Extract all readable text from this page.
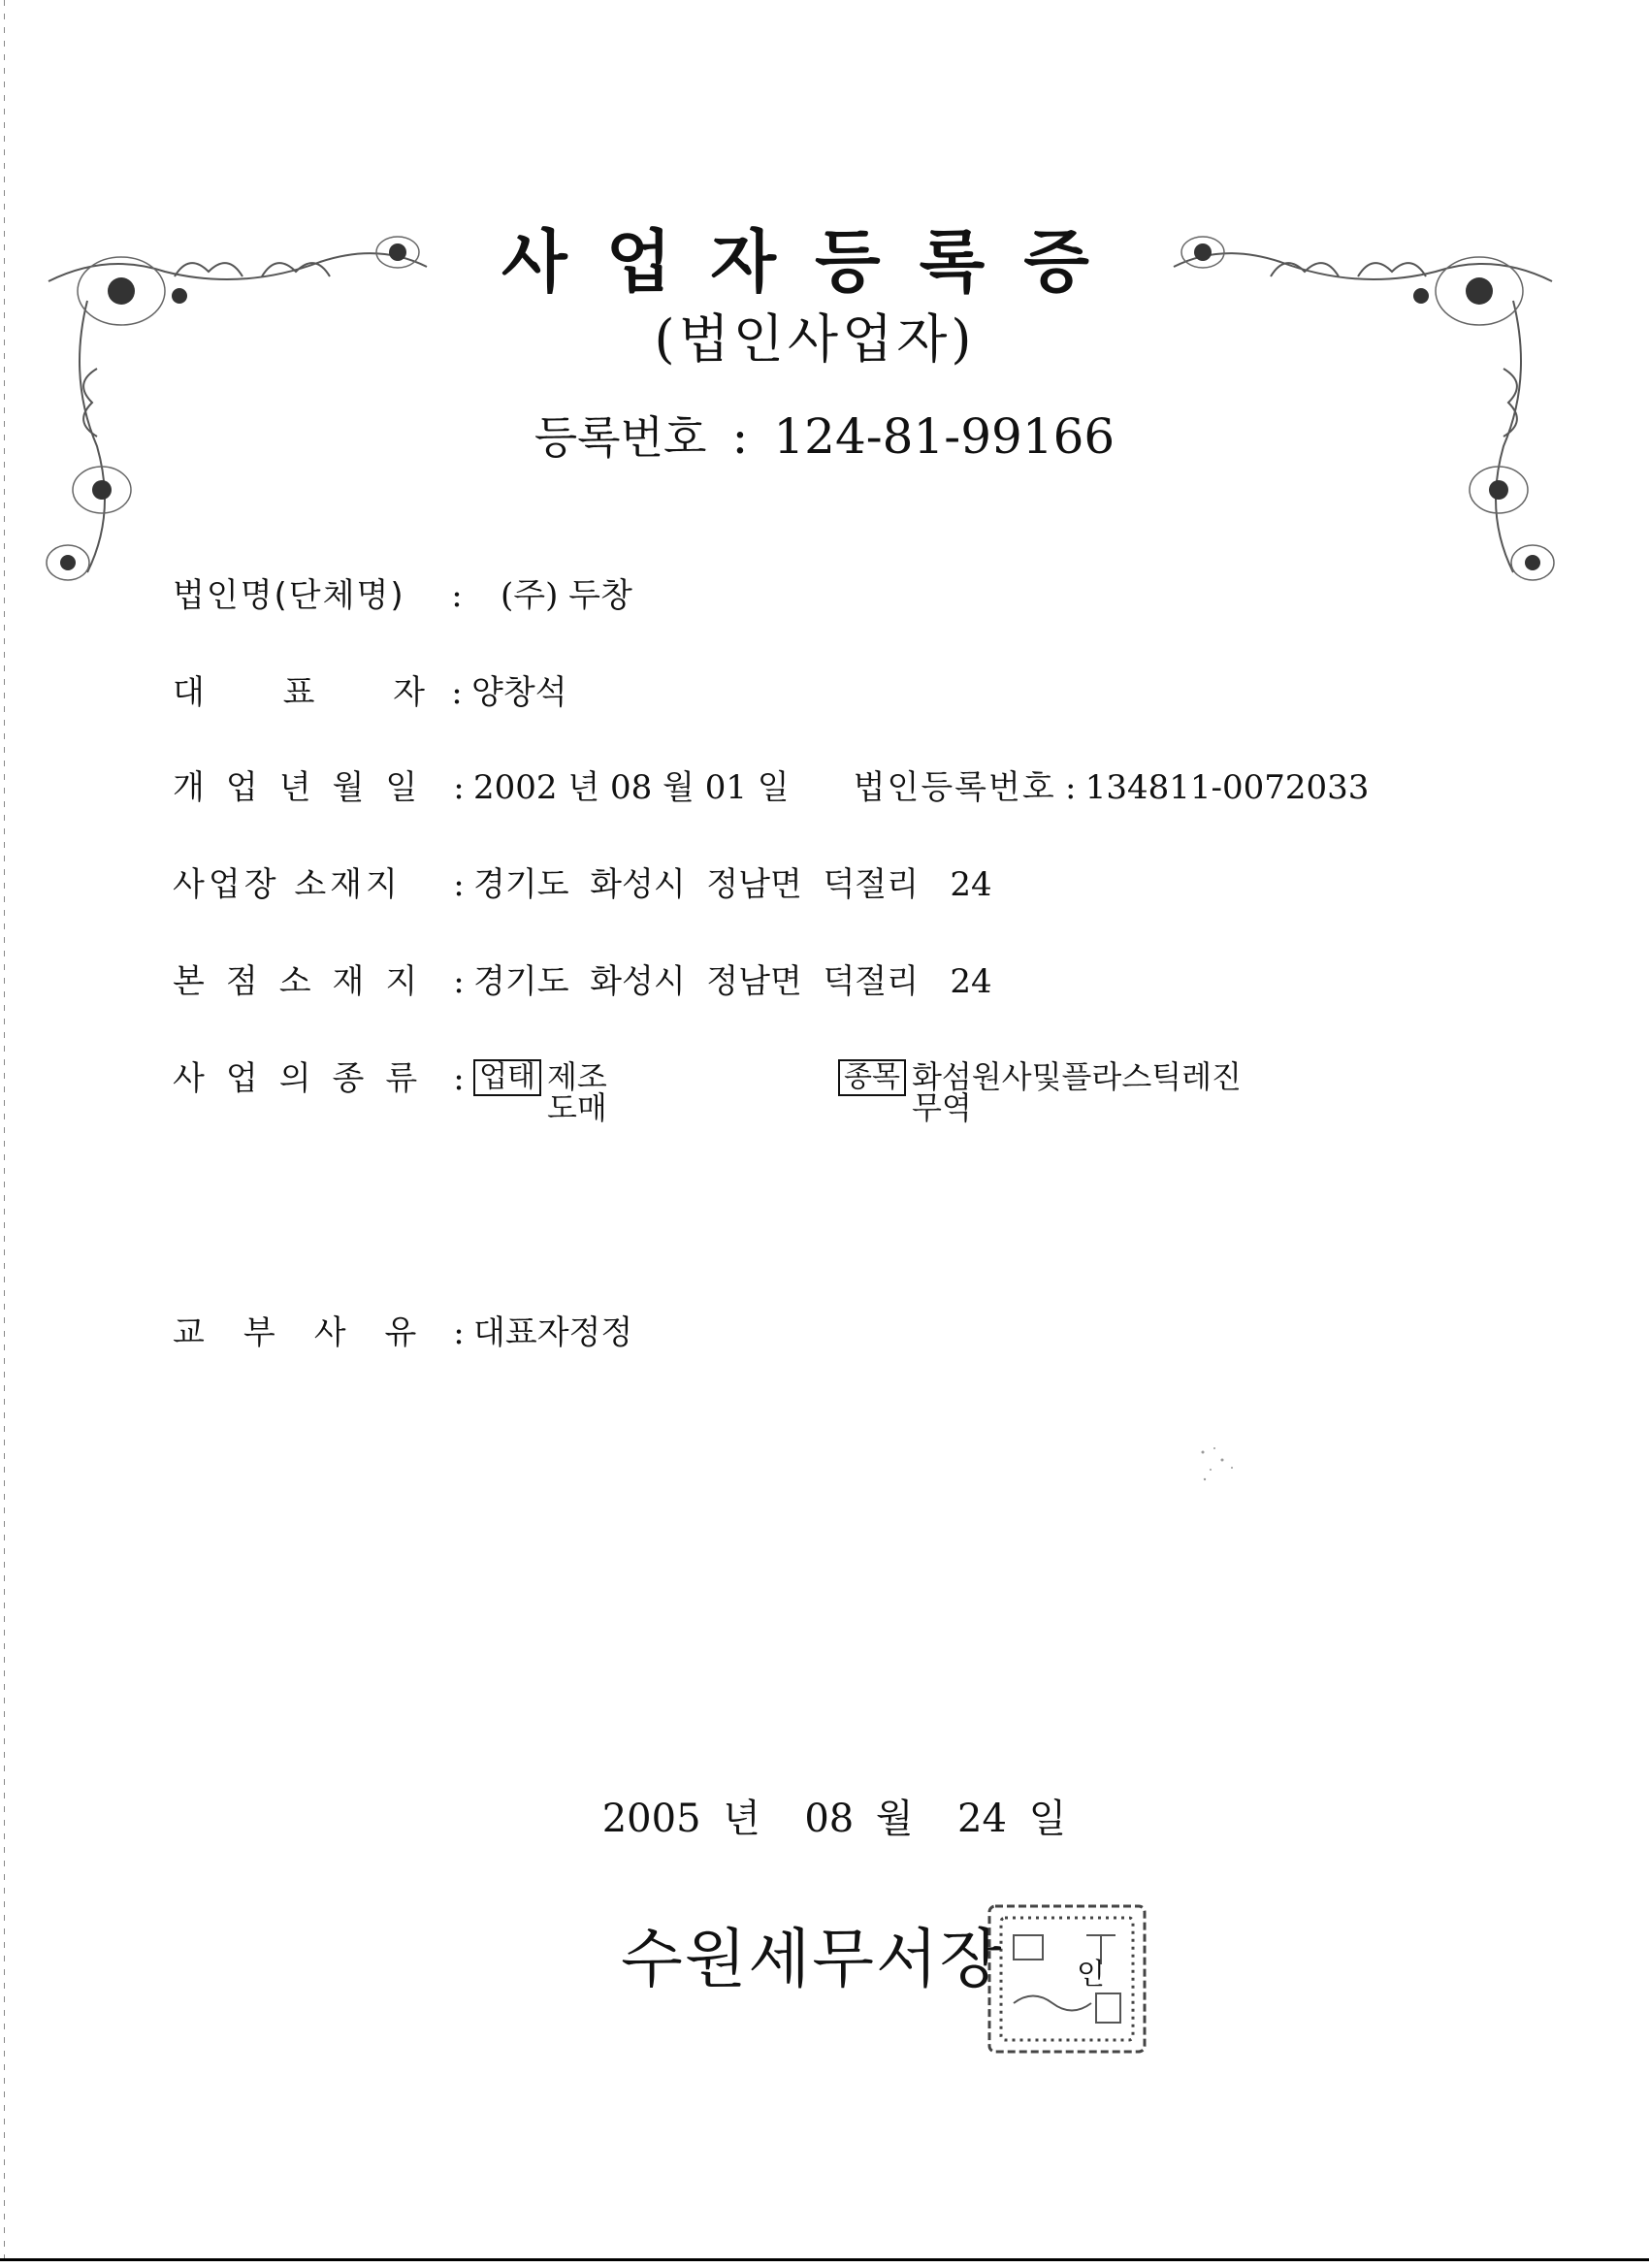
사업자등록증
(법인사업자)
등록번호 : 124-81-99166
법인명(단체명) : (주) 두창
대 표 자 : 양창석
개업년월일 : 2002 년 08 월 01 일 법인등록번호 : 134811-0072033
사업장 소재지 : 경기도  화성시  정남면  덕절리   24
본점소재지 : 경기도  화성시  정남면  덕절리   24
사업의종류 : 업태 제조
도매
종목 화섬원사및플라스틱레진
무역
교부사유: 대표자정정
2005 년  08 월  24 일
수원세무서장	인
